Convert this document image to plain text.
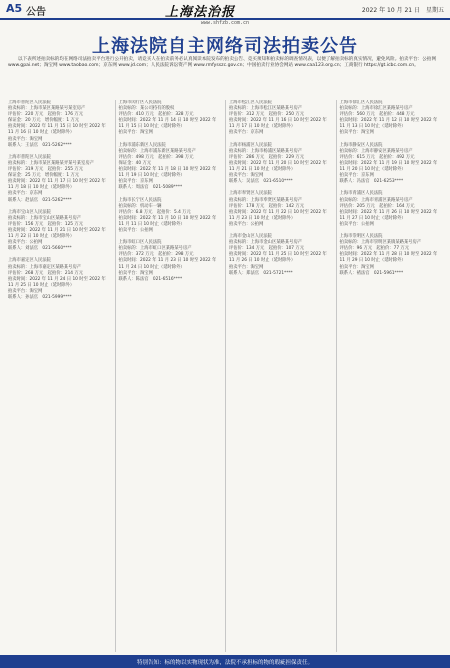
A5 公告	上海法治报	2022 年 10 月 21 日　星期五
www.shfzb.com.cn
上海法院自主网络司法拍卖公告
以下表所述拍卖标的均在网络司法拍卖平台进行公开拍卖，请竞买人在拍卖前务必认真阅读本院发布的拍卖公告、竞买须知和拍卖标的调查情况表，以便了解拍卖标的真实情况，避免风险。拍卖平台：公拍网 www.gpai.net；淘宝网 www.taobao.com；京东网 www.jd.com；人民法院诉讼资产网 www.rmfysszc.gov.cn；中国拍卖行业协会网站 www.caa123.org.cn；工商银行 https://gt.icbc.com.cn。
上海市普陀区人民法院
拍卖标的：上海市某区某路某号某室房产
评估价：220 万元　起拍价：176 万元
保证金：20 万元　增价幅度：1 万元
拍卖时间：2022 年 11 月 15 日 10 时至 2022 年 11 月 16 日 10 时止（延时除外）
拍卖平台：淘宝网
联系人：王法官　021-5262****

上海市普陀区人民法院
拍卖标的：上海市某区某路某弄某号某室房产
评估价：319 万元　起拍价：255 万元
保证金：25 万元　增价幅度：1 万元
拍卖时间：2022 年 11 月 17 日 10 时至 2022 年 11 月 18 日 10 时止（延时除外）
拍卖平台：京东网
联系人：赵法官　021-5262****

上海市宝山区人民法院
拍卖标的：上海市宝山区某路某号房产
评估价：156 万元　起拍价：125 万元
拍卖时间：2022 年 11 月 21 日 10 时至 2022 年 11 月 22 日 10 时止（延时除外）
拍卖平台：公拍网
联系人：刘法官　021-5660****

上海市嘉定区人民法院
拍卖标的：上海市嘉定区某路某号房产
评估价：268 万元　起拍价：214 万元
拍卖时间：2022 年 11 月 24 日 10 时至 2022 年 11 月 25 日 10 时止（延时除外）
拍卖平台：淘宝网
联系人：孙法官　021-5999****
上海市闵行区人民法院
拍卖标的：某公司持有的股权
评估价：410 万元　起拍价：328 万元
拍卖时间：2022 年 11 月 14 日 10 时至 2022 年 11 月 15 日 10 时止（延时除外）
拍卖平台：淘宝网

上海市浦东新区人民法院
拍卖标的：上海市浦东新区某路某号房产
评估价：498 万元　起拍价：398 万元
保证金：40 万元
拍卖时间：2022 年 11 月 18 日 10 时至 2022 年 11 月 19 日 10 时止（延时除外）
拍卖平台：京东网
联系人：周法官　021-5089****

上海市长宁区人民法院
拍卖标的：机动车一辆
评估价：6.8 万元　起拍价：5.4 万元
拍卖时间：2022 年 11 月 10 日 10 时至 2022 年 11 月 11 日 10 时止（延时除外）
拍卖平台：公拍网

上海市虹口区人民法院
拍卖标的：上海市虹口区某路某号房产
评估价：372 万元　起拍价：298 万元
拍卖时间：2022 年 11 月 23 日 10 时至 2022 年 11 月 24 日 10 时止（延时除外）
拍卖平台：淘宝网
联系人：陈法官　021-6516****
上海市松江区人民法院
拍卖标的：上海市松江区某路某号房产
评估价：312 万元　起拍价：250 万元
拍卖时间：2022 年 11 月 16 日 10 时至 2022 年 11 月 17 日 10 时止（延时除外）
拍卖平台：京东网

上海市杨浦区人民法院
拍卖标的：上海市杨浦区某路某号房产
评估价：286 万元　起拍价：229 万元
拍卖时间：2022 年 11 月 20 日 10 时至 2022 年 11 月 21 日 10 时止（延时除外）
拍卖平台：淘宝网
联系人：吴法官　021-6510****

上海市奉贤区人民法院
拍卖标的：上海市奉贤区某路某号房产
评估价：178 万元　起拍价：142 万元
拍卖时间：2022 年 11 月 22 日 10 时至 2022 年 11 月 23 日 10 时止（延时除外）
拍卖平台：公拍网

上海市金山区人民法院
拍卖标的：上海市金山区某路某号房产
评估价：134 万元　起拍价：107 万元
拍卖时间：2022 年 11 月 25 日 10 时至 2022 年 11 月 26 日 10 时止（延时除外）
拍卖平台：淘宝网
联系人：郑法官　021-5721****
上海市徐汇区人民法院
拍卖标的：上海市徐汇区某路某号房产
评估价：560 万元　起拍价：448 万元
拍卖时间：2022 年 11 月 12 日 10 时至 2022 年 11 月 13 日 10 时止（延时除外）
拍卖平台：淘宝网

上海市静安区人民法院
拍卖标的：上海市静安区某路某号房产
评估价：615 万元　起拍价：492 万元
拍卖时间：2022 年 11 月 19 日 10 时至 2022 年 11 月 20 日 10 时止（延时除外）
拍卖平台：京东网
联系人：冯法官　021-6253****

上海市青浦区人民法院
拍卖标的：上海市青浦区某路某号房产
评估价：205 万元　起拍价：164 万元
拍卖时间：2022 年 11 月 26 日 10 时至 2022 年 11 月 27 日 10 时止（延时除外）
拍卖平台：公拍网

上海市崇明区人民法院
拍卖标的：上海市崇明区某镇某路某号房产
评估价：96 万元　起拍价：77 万元
拍卖时间：2022 年 11 月 28 日 10 时至 2022 年 11 月 29 日 10 时止（延时除外）
拍卖平台：淘宝网
联系人：褚法官　021-5961****
特别告知：标的物以实物现状为准，法院不承担标的物的瑕疵担保责任。
